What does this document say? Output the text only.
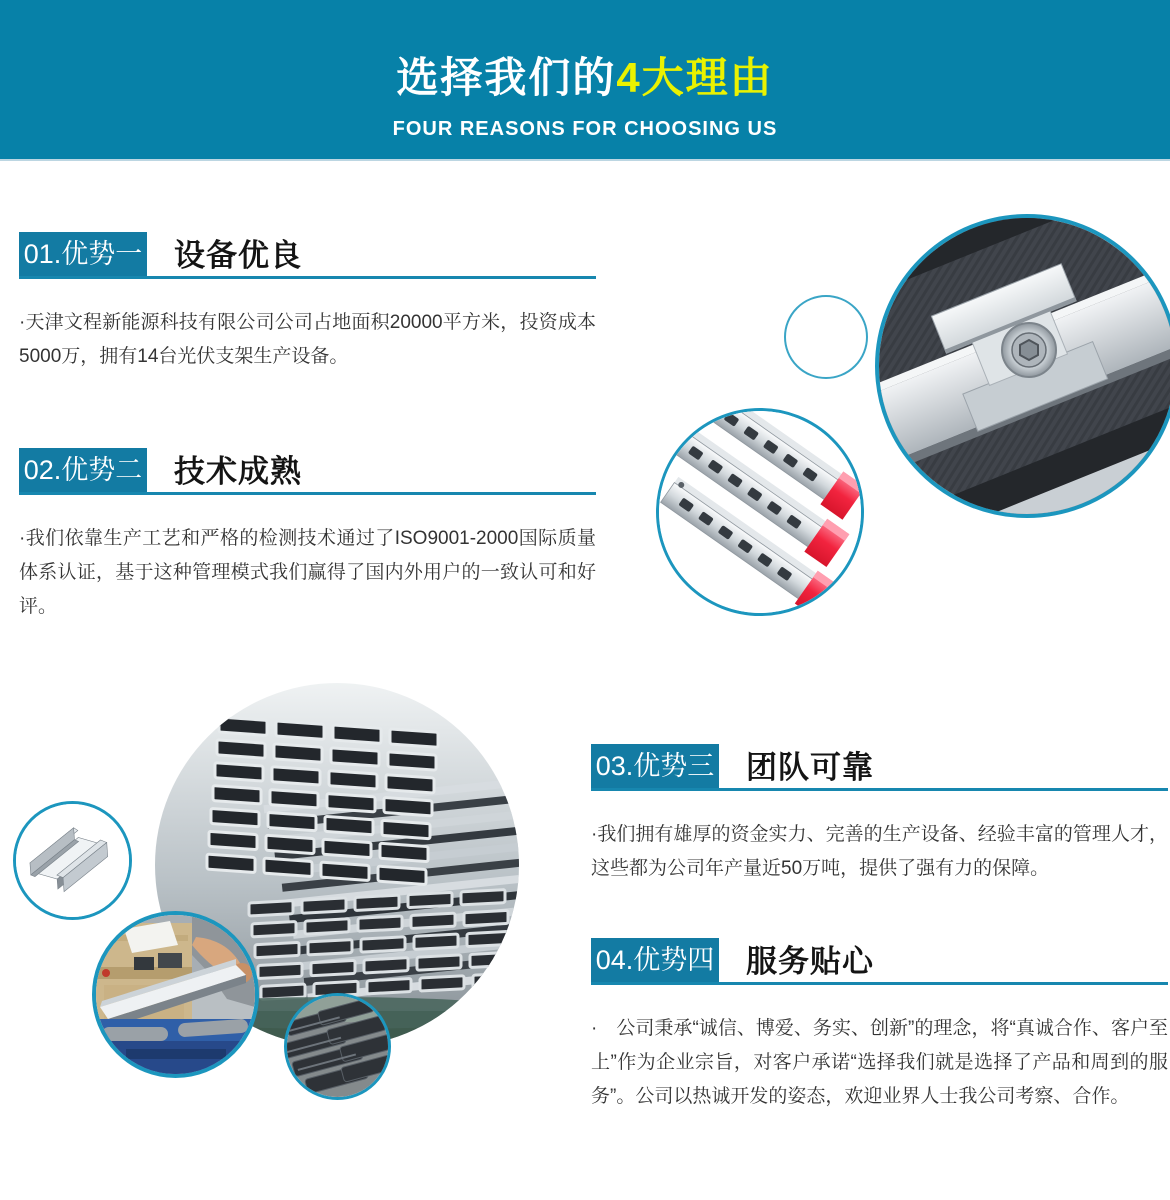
选择我们的4大理由
FOUR REASONS FOR CHOOSING US
01.优势一 设备优良

·天津文程新能源科技有限公司公司占地面积20000平方米，投资成本5000万，拥有14台光伏支架生产设备。

02.优势二 技术成熟

·我们依靠生产工艺和严格的检测技术通过了ISO9001-2000国际质量体系认证，基于这种管理模式我们赢得了国内外用户的一致认可和好评。

03.优势三 团队可靠

·我们拥有雄厚的资金实力、完善的生产设备、经验丰富的管理人才，这些都为公司年产量近50万吨，提供了强有力的保障。

04.优势四 服务贴心

·　公司秉承“诚信、博爱、务实、创新”的理念，将“真诚合作、客户至上”作为企业宗旨，对客户承诺“选择我们就是选择了产品和周到的服务”。公司以热诚开发的姿态，欢迎业界人士我公司考察、合作。
